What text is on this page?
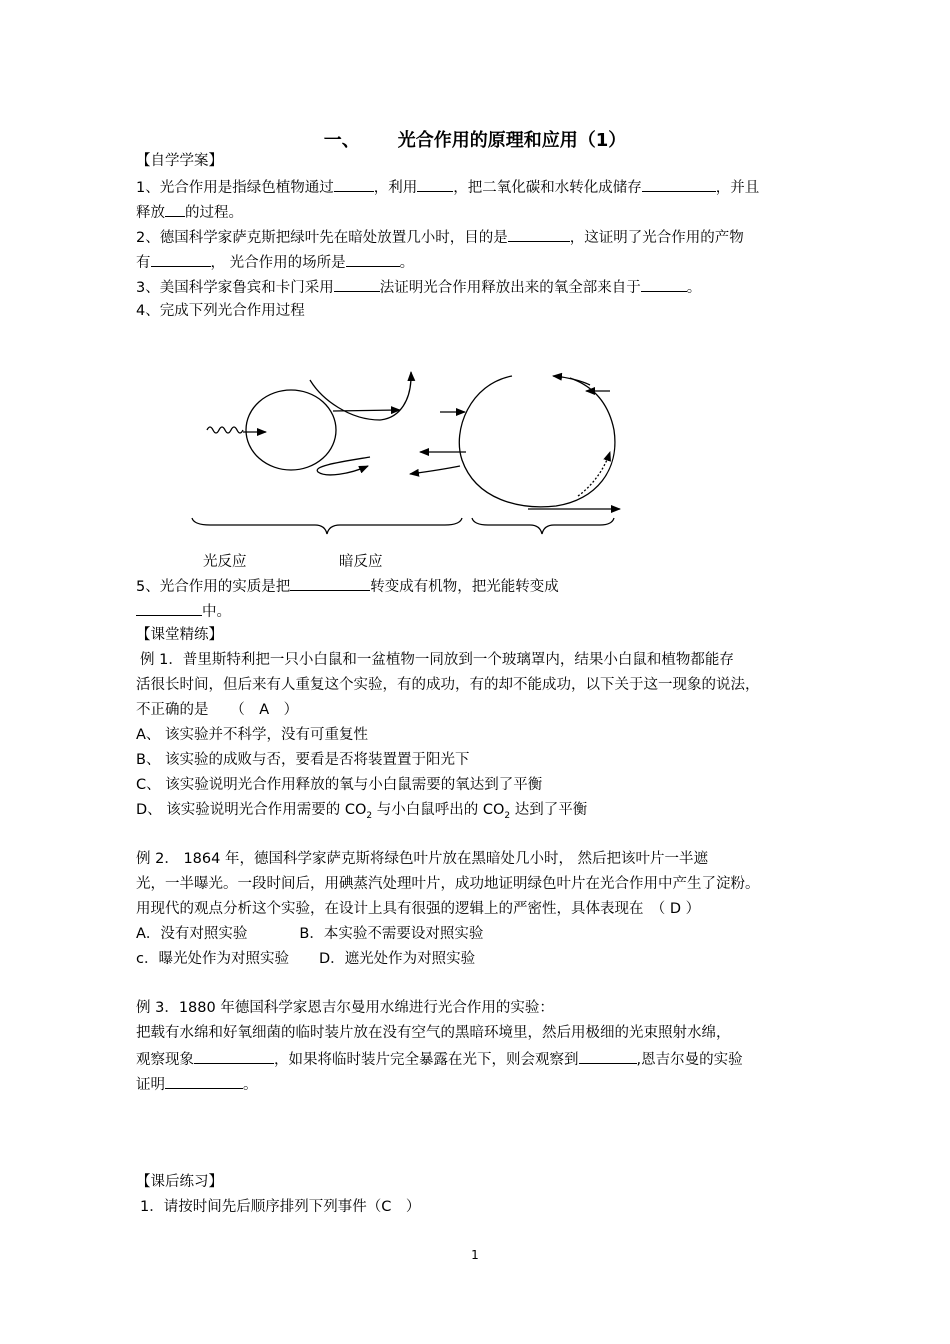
一、 光合作用的原理和应用（1）
【自学学案】
1、光合作用是指绿色植物通过	，利用 ，把二氧化碳和水转化成储存	，并且
释放 的过程。
2、德国科学家萨克斯把绿叶先在暗处放置几小时，目的是	，这证明了光合作用的产物
有	， 光合作用的场所是	。
3、美国科学家鲁宾和卡门采用	法证明光合作用释放出来的氧全部来自于	。
4、完成下列光合作用过程
光反应	暗反应
5、光合作用的实质是把	转变成有机物，把光能转变成
中。
【课堂精练】
例 1．普里斯特利把一只小白鼠和一盆植物一同放到一个玻璃罩内，结果小白鼠和植物都能存
活很长时间，但后来有人重复这个实验，有的成功，有的却不能成功，以下关于这一现象的说法，
不正确的是　　（　A　）
A、 该实验并不科学，没有可重复性
B、 该实验的成败与否，要看是否将装置置于阳光下
C、 该实验说明光合作用释放的氧与小白鼠需要的氧达到了平衡
D、 该实验说明光合作用需要的 $CO_2$ 与小白鼠呼出的 $CO_2$ 达到了平衡
例 2． 1864 年，德国科学家萨克斯将绿色叶片放在黑暗处几小时， 然后把该叶片一半遮
光，一半曝光。一段时间后，用碘蒸汽处理叶片，成功地证明绿色叶片在光合作用中产生了淀粉。
用现代的观点分析这个实验，在设计上具有很强的逻辑上的严密性，具体表现在　（ D ）
A．没有对照实验	B．本实验不需要设对照实验
c．曝光处作为对照实验 D．遮光处作为对照实验
例 3．1880 年德国科学家恩吉尔曼用水绵进行光合作用的实验：
把载有水绵和好氧细菌的临时装片放在没有空气的黑暗环境里，然后用极细的光束照射水绵，
观察现象	，如果将临时装片完全暴露在光下，则会观察到	,恩吉尔曼的实验
证明	。
【课后练习】
1．请按时间先后顺序排列下列事件（C　）
1
